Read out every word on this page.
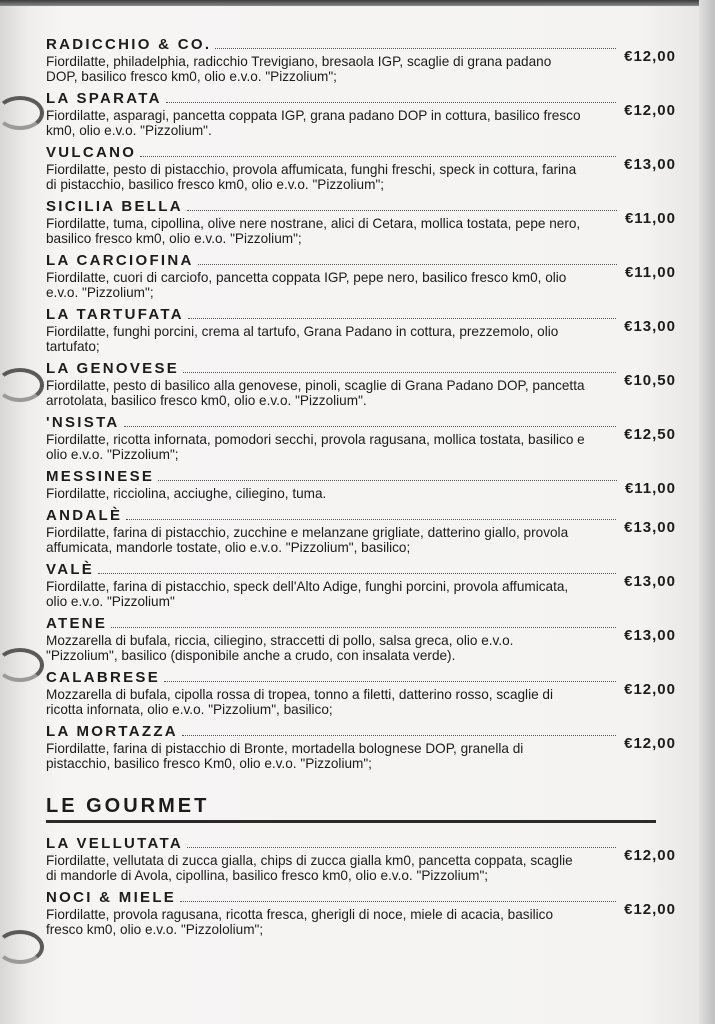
RADICCHIO & CO.
€12,00
Fiordilatte, philadelphia, radicchio Trevigiano, bresaola IGP, scaglie di grana padano DOP, basilico fresco km0, olio e.v.o. "Pizzolium";
LA SPARATA
€12,00
Fiordilatte, asparagi, pancetta coppata IGP, grana padano DOP in cottura, basilico fresco km0, olio e.v.o. "Pizzolium".
VULCANO
€13,00
Fiordilatte, pesto di pistacchio, provola affumicata, funghi freschi, speck in cottura, farina di pistacchio, basilico fresco km0, olio e.v.o. "Pizzolium";
SICILIA BELLA
€11,00
Fiordilatte, tuma, cipollina, olive nere nostrane, alici di Cetara, mollica tostata, pepe nero, basilico fresco km0, olio e.v.o. "Pizzolium";
LA CARCIOFINA
€11,00
Fiordilatte, cuori di carciofo, pancetta coppata IGP, pepe nero, basilico fresco km0, olio e.v.o. "Pizzolium";
LA TARTUFATA
€13,00
Fiordilatte, funghi porcini, crema al tartufo, Grana Padano in cottura, prezzemolo, olio tartufato;
LA GENOVESE
€10,50
Fiordilatte, pesto di basilico alla genovese, pinoli, scaglie di Grana Padano DOP, pancetta arrotolata, basilico fresco km0, olio e.v.o. "Pizzolium".
'NSISTA
€12,50
Fiordilatte, ricotta infornata, pomodori secchi, provola ragusana, mollica tostata, basilico e olio e.v.o. "Pizzolium";
MESSINESE
€11,00
Fiordilatte, ricciolina, acciughe, ciliegino, tuma.
ANDALÈ
€13,00
Fiordilatte, farina di pistacchio, zucchine e melanzane grigliate, datterino giallo, provola affumicata, mandorle tostate, olio e.v.o. "Pizzolium", basilico;
VALÈ
€13,00
Fiordilatte, farina di pistacchio, speck dell'Alto Adige, funghi porcini, provola affumicata, olio e.v.o. "Pizzolium"
ATENE
€13,00
Mozzarella di bufala, riccia, ciliegino, straccetti di pollo, salsa greca, olio e.v.o. "Pizzolium", basilico (disponibile anche a crudo, con insalata verde).
CALABRESE
€12,00
Mozzarella di bufala, cipolla rossa di tropea, tonno a filetti, datterino rosso, scaglie di ricotta infornata, olio e.v.o. "Pizzolium", basilico;
LA MORTAZZA
€12,00
Fiordilatte, farina di pistacchio di Bronte, mortadella bolognese DOP, granella di pistacchio, basilico fresco Km0, olio e.v.o. "Pizzolium";
LE GOURMET
LA VELLUTATA
€12,00
Fiordilatte, vellutata di zucca gialla, chips di zucca gialla km0, pancetta coppata, scaglie di mandorle di Avola, cipollina, basilico fresco km0, olio e.v.o. "Pizzolium";
NOCI & MIELE
€12,00
Fiordilatte, provola ragusana, ricotta fresca, gherigli di noce, miele di acacia, basilico fresco km0, olio e.v.o. "Pizzololium";
